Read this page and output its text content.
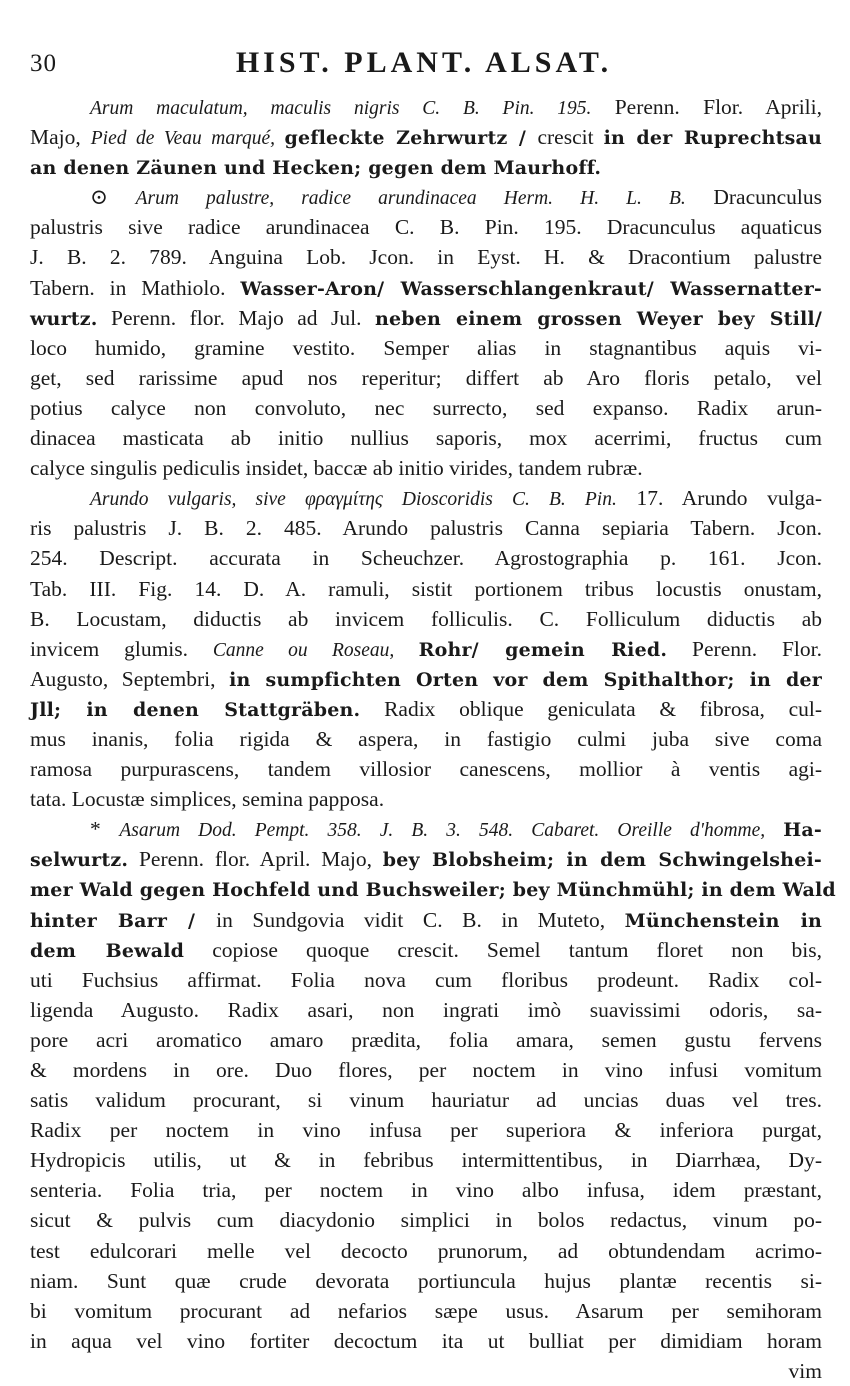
30	HIST. PLANT. ALSAT.
Arum maculatum, maculis nigris C. B. Pin. 195. Perenn. Flor. Aprili,
Majo, Pied de Veau marqué, gefleckte Zehrwurtz / crescit in der Ruprechtsau
an denen Zäunen und Hecken; gegen dem Maurhoff.
⊙ Arum palustre, radice arundinacea Herm. H. L. B. Dracunculus
palustris sive radice arundinacea C. B. Pin. 195. Dracunculus aquaticus
J. B. 2. 789. Anguina Lob. Jcon. in Eyst. H. & Dracontium palustre
Tabern. in Mathiolo. Wasser-Aron/ Wasserschlangenkraut/ Wassernatter-
wurtz. Perenn. flor. Majo ad Jul. neben einem grossen Weyer bey Still/
loco humido, gramine vestito. Semper alias in stagnantibus aquis vi-
get, sed rarissime apud nos reperitur; differt ab Aro floris petalo, vel
potius calyce non convoluto, nec surrecto, sed expanso. Radix arun-
dinacea masticata ab initio nullius saporis, mox acerrimi, fructus cum
calyce singulis pediculis insidet, baccæ ab initio virides, tandem rubræ.
Arundo vulgaris, sive φραγμίτης Dioscoridis C. B. Pin. 17. Arundo vulga-
ris palustris J. B. 2. 485. Arundo palustris Canna sepiaria Tabern. Jcon.
254. Descript. accurata in Scheuchzer. Agrostographia p. 161. Jcon.
Tab. III. Fig. 14. D. A. ramuli, sistit portionem tribus locustis onustam,
B. Locustam, diductis ab invicem folliculis. C. Folliculum diductis ab
invicem glumis. Canne ou Roseau, Rohr/ gemein Ried. Perenn. Flor.
Augusto, Septembri, in sumpfichten Orten vor dem Spithalthor; in der
Jll; in denen Stattgräben. Radix oblique geniculata & fibrosa, cul-
mus inanis, folia rigida & aspera, in fastigio culmi juba sive coma
ramosa purpurascens, tandem villosior canescens, mollior à ventis agi-
tata. Locustæ simplices, semina papposa.
* Asarum Dod. Pempt. 358. J. B. 3. 548. Cabaret. Oreille d'homme, Ha-
selwurtz. Perenn. flor. April. Majo, bey Blobsheim; in dem Schwingelshei-
mer Wald gegen Hochfeld und Buchsweiler; bey Münchmühl; in dem Wald
hinter Barr / in Sundgovia vidit C. B. in Muteto, Münchenstein in
dem Bewald copiose quoque crescit. Semel tantum floret non bis,
uti Fuchsius affirmat. Folia nova cum floribus prodeunt. Radix col-
ligenda Augusto. Radix asari, non ingrati imò suavissimi odoris, sa-
pore acri aromatico amaro prædita, folia amara, semen gustu fervens
& mordens in ore. Duo flores, per noctem in vino infusi vomitum
satis validum procurant, si vinum hauriatur ad uncias duas vel tres.
Radix per noctem in vino infusa per superiora & inferiora purgat,
Hydropicis utilis, ut & in febribus intermittentibus, in Diarrhæa, Dy-
senteria. Folia tria, per noctem in vino albo infusa, idem præstant,
sicut & pulvis cum diacydonio simplici in bolos redactus, vinum po-
test edulcorari melle vel decocto prunorum, ad obtundendam acrimo-
niam. Sunt quæ crude devorata portiuncula hujus plantæ recentis si-
bi vomitum procurant ad nefarios sæpe usus. Asarum per semihoram
in aqua vel vino fortiter decoctum ita ut bulliat per dimidiam horam
vim
